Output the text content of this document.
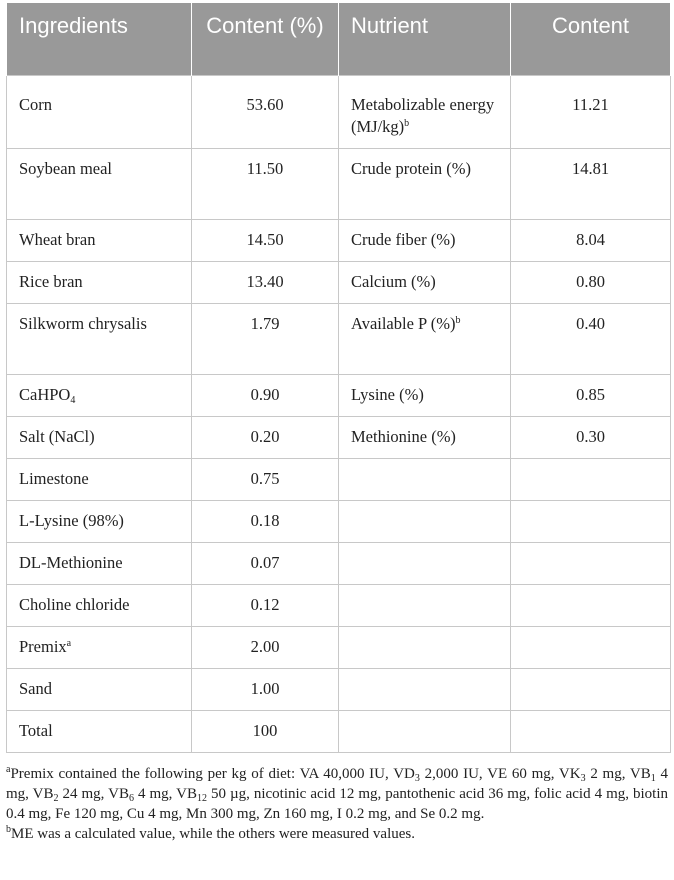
Ingredients	Content (%)	Nutrient	Content
Corn	53.60	Metabolizable energy $(MJ/kg)^b$	11.21
Soybean meal	11.50	Crude protein (%)	14.81
Wheat bran	14.50	Crude fiber (%)	8.04
Rice bran	13.40	Calcium (%)	0.80
Silkworm chrysalis	1.79	Available P (%)$^b$	0.40
CaHPO$_4$	0.90	Lysine (%)	0.85
Salt (NaCl)	0.20	Methionine (%)	0.30
Limestone	0.75		
L-Lysine (98%)	0.18		
DL-Methionine	0.07		
Choline chloride	0.12		
Premix$^a$	2.00		
Sand	1.00		
Total	100		

$^a$Premix contained the following per kg of diet: VA 40,000 IU, $VD_3$ 2,000 IU, VE 60 mg, $VK_3$ 2 mg, $VB_1$ 4 mg, $VB_2$ 24 mg, $VB_6$ 4 mg, $VB_{12}$ 50 µg, nicotinic acid 12 mg, pantothenic acid 36 mg, folic acid 4 mg, biotin 0.4 mg, Fe 120 mg, Cu 4 mg, Mn 300 mg, Zn 160 mg, I 0.2 mg, and Se 0.2 mg.

$^b$ME was a calculated value, while the others were measured values.
